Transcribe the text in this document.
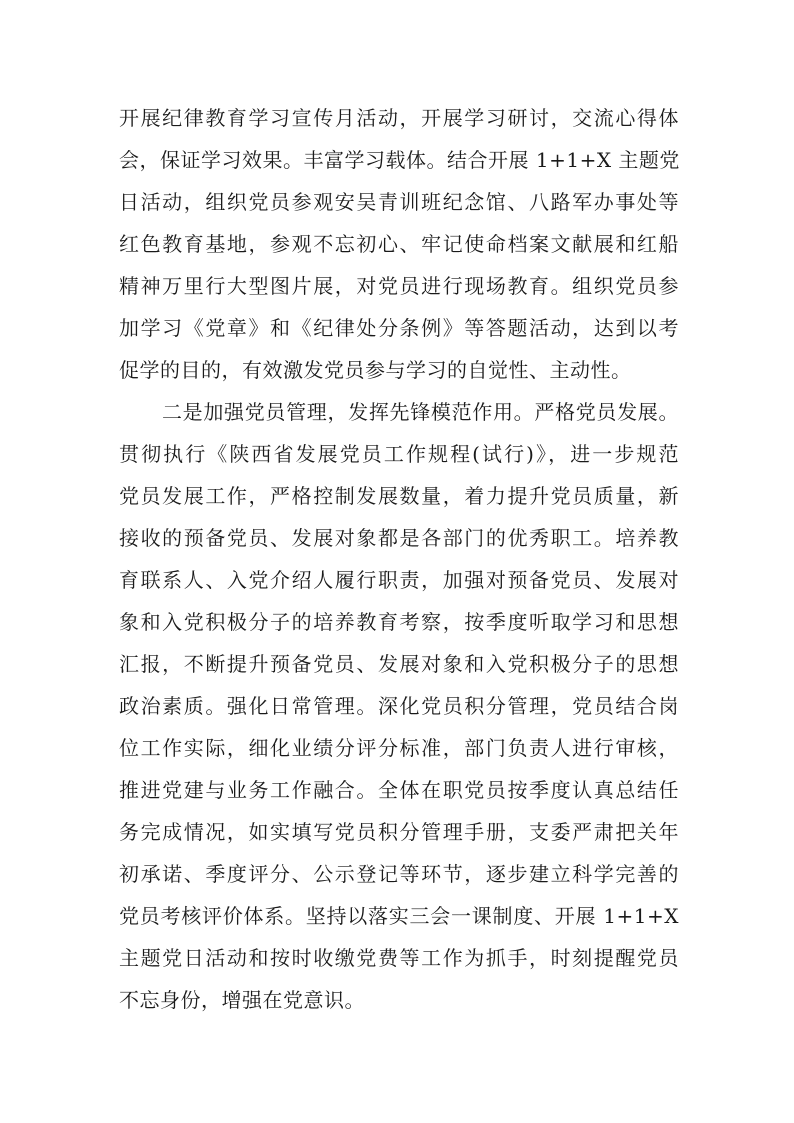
开展纪律教育学习宣传月活动，开展学习研讨，交流心得体
会，保证学习效果。丰富学习载体。结合开展 1+1+X 主题党
日活动，组织党员参观安吴青训班纪念馆、八路军办事处等
红色教育基地，参观不忘初心、牢记使命档案文献展和红船
精神万里行大型图片展，对党员进行现场教育。组织党员参
加学习《党章》和《纪律处分条例》等答题活动，达到以考
促学的目的，有效激发党员参与学习的自觉性、主动性。
二是加强党员管理，发挥先锋模范作用。严格党员发展。
贯彻执行《陕西省发展党员工作规程(试行)》，进一步规范
党员发展工作，严格控制发展数量，着力提升党员质量，新
接收的预备党员、发展对象都是各部门的优秀职工。培养教
育联系人、入党介绍人履行职责，加强对预备党员、发展对
象和入党积极分子的培养教育考察，按季度听取学习和思想
汇报，不断提升预备党员、发展对象和入党积极分子的思想
政治素质。强化日常管理。深化党员积分管理，党员结合岗
位工作实际，细化业绩分评分标准，部门负责人进行审核，
推进党建与业务工作融合。全体在职党员按季度认真总结任
务完成情况，如实填写党员积分管理手册，支委严肃把关年
初承诺、季度评分、公示登记等环节，逐步建立科学完善的
党员考核评价体系。坚持以落实三会一课制度、开展 1+1+X
主题党日活动和按时收缴党费等工作为抓手，时刻提醒党员
不忘身份，增强在党意识。
